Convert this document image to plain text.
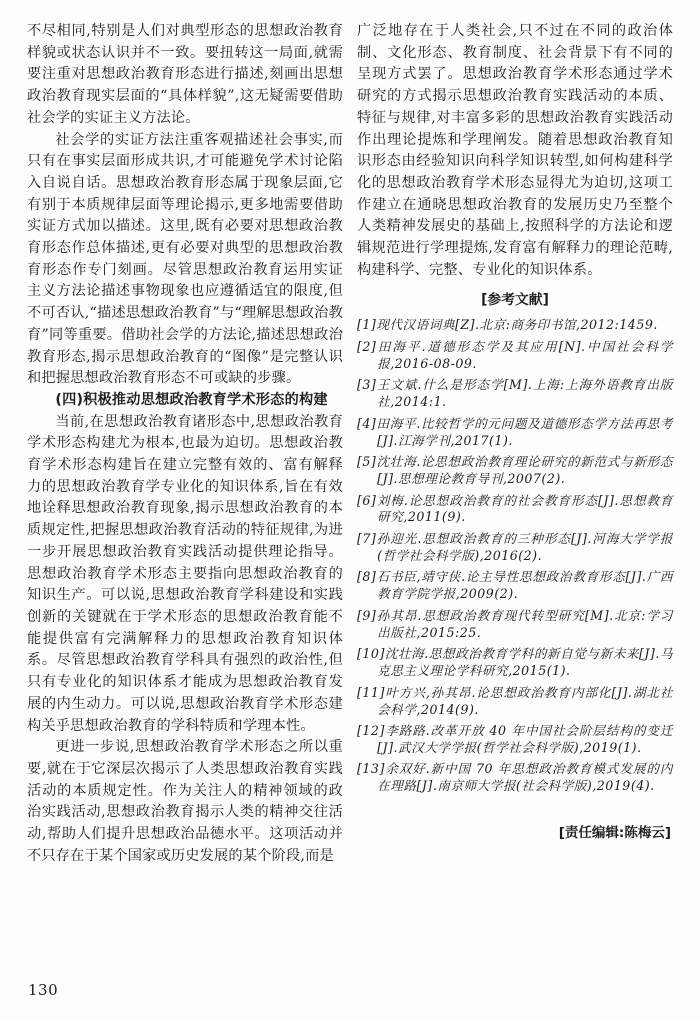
不尽相同,特别是人们对典型形态的思想政治教育样貌或状态认识并不一致。要扭转这一局面,就需要注重对思想政治教育形态进行描述,刻画出思想政治教育现实层面的“具体样貌”,这无疑需要借助社会学的实证主义方法论。

社会学的实证方法注重客观描述社会事实,而只有在事实层面形成共识,才可能避免学术讨论陷入自说自话。思想政治教育形态属于现象层面,它有别于本质规律层面等理论揭示,更多地需要借助实证方式加以描述。这里,既有必要对思想政治教育形态作总体描述,更有必要对典型的思想政治教育形态作专门刻画。尽管思想政治教育运用实证主义方法论描述事物现象也应遵循适宜的限度,但不可否认,“描述思想政治教育”与“理解思想政治教育”同等重要。借助社会学的方法论,描述思想政治教育形态,揭示思想政治教育的“图像”是完整认识和把握思想政治教育形态不可或缺的步骤。

(四)积极推动思想政治教育学术形态的构建

当前,在思想政治教育诸形态中,思想政治教育学术形态构建尤为根本,也最为迫切。思想政治教育学术形态构建旨在建立完整有效的、富有解释力的思想政治教育学专业化的知识体系,旨在有效地诠释思想政治教育现象,揭示思想政治教育的本质规定性,把握思想政治教育活动的特征规律,为进一步开展思想政治教育实践活动提供理论指导。思想政治教育学术形态主要指向思想政治教育的知识生产。可以说,思想政治教育学科建设和实践创新的关键就在于学术形态的思想政治教育能不能提供富有完满解释力的思想政治教育知识体系。尽管思想政治教育学科具有强烈的政治性,但只有专业化的知识体系才能成为思想政治教育发展的内生动力。可以说,思想政治教育学术形态建构关乎思想政治教育的学科特质和学理本性。

更进一步说,思想政治教育学术形态之所以重要,就在于它深层次揭示了人类思想政治教育实践活动的本质规定性。作为关注人的精神领域的政治实践活动,思想政治教育揭示人类的精神交往活动,帮助人们提升思想政治品德水平。这项活动并不只存在于某个国家或历史发展的某个阶段,而是

广泛地存在于人类社会,只不过在不同的政治体制、文化形态、教育制度、社会背景下有不同的呈现方式罢了。思想政治教育学术形态通过学术研究的方式揭示思想政治教育实践活动的本质、特征与规律,对丰富多彩的思想政治教育实践活动作出理论提炼和学理阐发。随着思想政治教育知识形态由经验知识向科学知识转型,如何构建科学化的思想政治教育学术形态显得尤为迫切,这项工作建立在通晓思想政治教育的发展历史乃至整个人类精神发展史的基础上,按照科学的方法论和逻辑规范进行学理提炼,发育富有解释力的理论范畴,构建科学、完整、专业化的知识体系。

[参考文献]
[1]现代汉语词典[Z].北京:商务印书馆,2012:1459.
[2]田海平.道德形态学及其应用[N].中国社会科学报,2016-08-09.
[3]王文斌.什么是形态学[M].上海:上海外语教育出版社,2014:1.
[4]田海平.比较哲学的元问题及道德形态学方法再思考[J].江海学刊,2017(1).
[5]沈壮海.论思想政治教育理论研究的新范式与新形态[J].思想理论教育导刊,2007(2).
[6]刘梅.论思想政治教育的社会教育形态[J].思想教育研究,2011(9).
[7]孙迎光.思想政治教育的三种形态[J].河海大学学报(哲学社会科学版),2016(2).
[8]石书臣,靖守侠.论主导性思想政治教育形态[J].广西教育学院学报,2009(2).
[9]孙其昂.思想政治教育现代转型研究[M].北京:学习出版社,2015:25.
[10]沈壮海.思想政治教育学科的新自觉与新未来[J].马克思主义理论学科研究,2015(1).
[11]叶方兴,孙其昂.论思想政治教育内部化[J].湖北社会科学,2014(9).
[12]李路路.改革开放 40 年中国社会阶层结构的变迁[J].武汉大学学报(哲学社会科学版),2019(1).
[13]余双好.新中国 70 年思想政治教育模式发展的内在理路[J].南京师大学报(社会科学版),2019(4).
[责任编辑:陈梅云]
130
